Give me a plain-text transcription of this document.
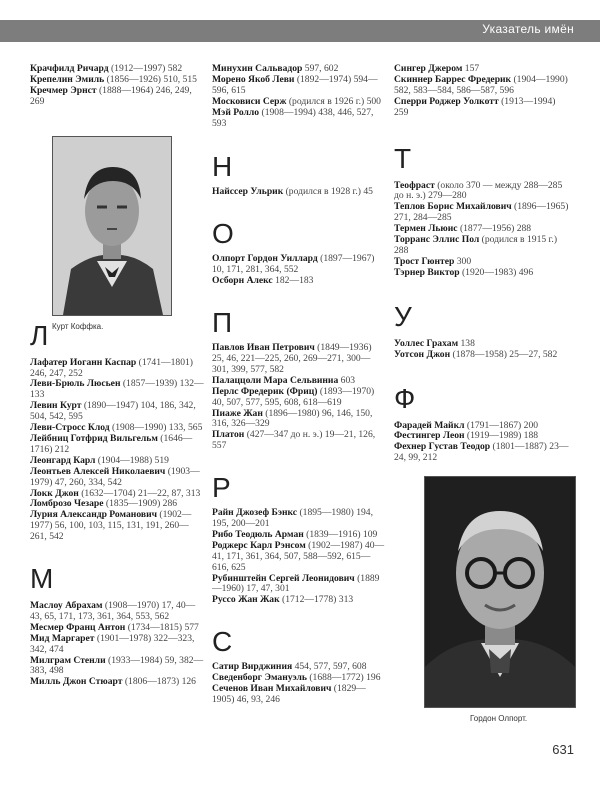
Указатель имён

Крачфилд Ричард (1912—1997) 582

Крепелин Эмиль (1856—1926) 510, 515

Кречмер Эрнст (1888—1964) 246, 249, 269

Л

Лафатер Иоганн Каспар (1741—1801) 246, 247, 252

Леви-Брюль Люсьен (1857—1939) 132—133

Левин Курт (1890—1947) 104, 186, 342, 504, 542, 595

Леви-Стросс Клод (1908—1990) 133, 565

Лейбниц Готфрид Вильгельм (1646—1716) 212

Леонгард Карл (1904—1988) 519

Леонтьев Алексей Николаевич (1903—1979) 47, 260, 334, 542

Локк Джон (1632—1704) 21—22, 87, 313

Ломброзо Чезаре (1835—1909) 286

Лурия Александр Романович (1902—1977) 56, 100, 103, 115, 131, 191, 260—261, 542

М

Маслоу Абрахам (1908—1970) 17, 40—43, 65, 171, 173, 361, 364, 553, 562

Месмер Франц Антон (1734—1815) 577

Мид Маргарет (1901—1978) 322—323, 342, 474

Милграм Стенли (1933—1984) 59, 382—383, 498

Милль Джон Стюарт (1806—1873) 126

Курт Коффка.

Минухин Сальвадор 597, 602

Морено Якоб Леви (1892—1974) 594—596, 615

Московиси Серж (родился в 1926 г.) 500

Мэй Ролло (1908—1994) 438, 446, 527, 593

Н

Найссер Ульрик (родился в 1928 г.) 45

О

Олпорт Гордон Уиллард (1897—1967) 10, 171, 281, 364, 552

Осборн Алекс 182—183

П

Павлов Иван Петрович (1849—1936) 25, 46, 221—225, 260, 269—271, 300—301, 399, 577, 582

Палаццоли Мара Сельвиниа 603

Перлс Фредерик (Фриц) (1893—1970) 40, 507, 577, 595, 608, 618—619

Пиаже Жан (1896—1980) 96, 146, 150, 316, 326—329

Платон (427—347 до н. э.) 19—21, 126, 557

Р

Райн Джозеф Бэнкс (1895—1980) 194, 195, 200—201

Рибо Теодюль Арман (1839—1916) 109

Роджерс Карл Рэнсом (1902—1987) 40—41, 171, 361, 364, 507, 588—592, 615—616, 625

Рубинштейн Сергей Леонидович (1889—1960) 17, 47, 301

Руссо Жан Жак (1712—1778) 313

С

Сатир Вирджиния 454, 577, 597, 608

Сведенборг Эмануэль (1688—1772) 196

Сеченов Иван Михайлович (1829—1905) 46, 93, 246

Сингер Джером 157

Скиннер Баррес Фредерик (1904—1990) 582, 583—584, 586—587, 596

Сперри Роджер Уолкотт (1913—1994) 259

Т

Теофраст (около 370 — между 288—285 до н. э.) 279—280

Теплов Борис Михайлович (1896—1965) 271, 284—285

Термен Льюис (1877—1956) 288

Торранс Эллис Пол (родился в 1915 г.) 288

Трост Гюнтер 300

Тэрнер Виктор (1920—1983) 496

У

Уоллес Грахам 138

Уотсон Джон (1878—1958) 25—27, 582

Ф

Фарадей Майкл (1791—1867) 200

Фестингер Леон (1919—1989) 188

Фехнер Густав Теодор (1801—1887) 23—24, 99, 212

Гордон Олпорт.
631
